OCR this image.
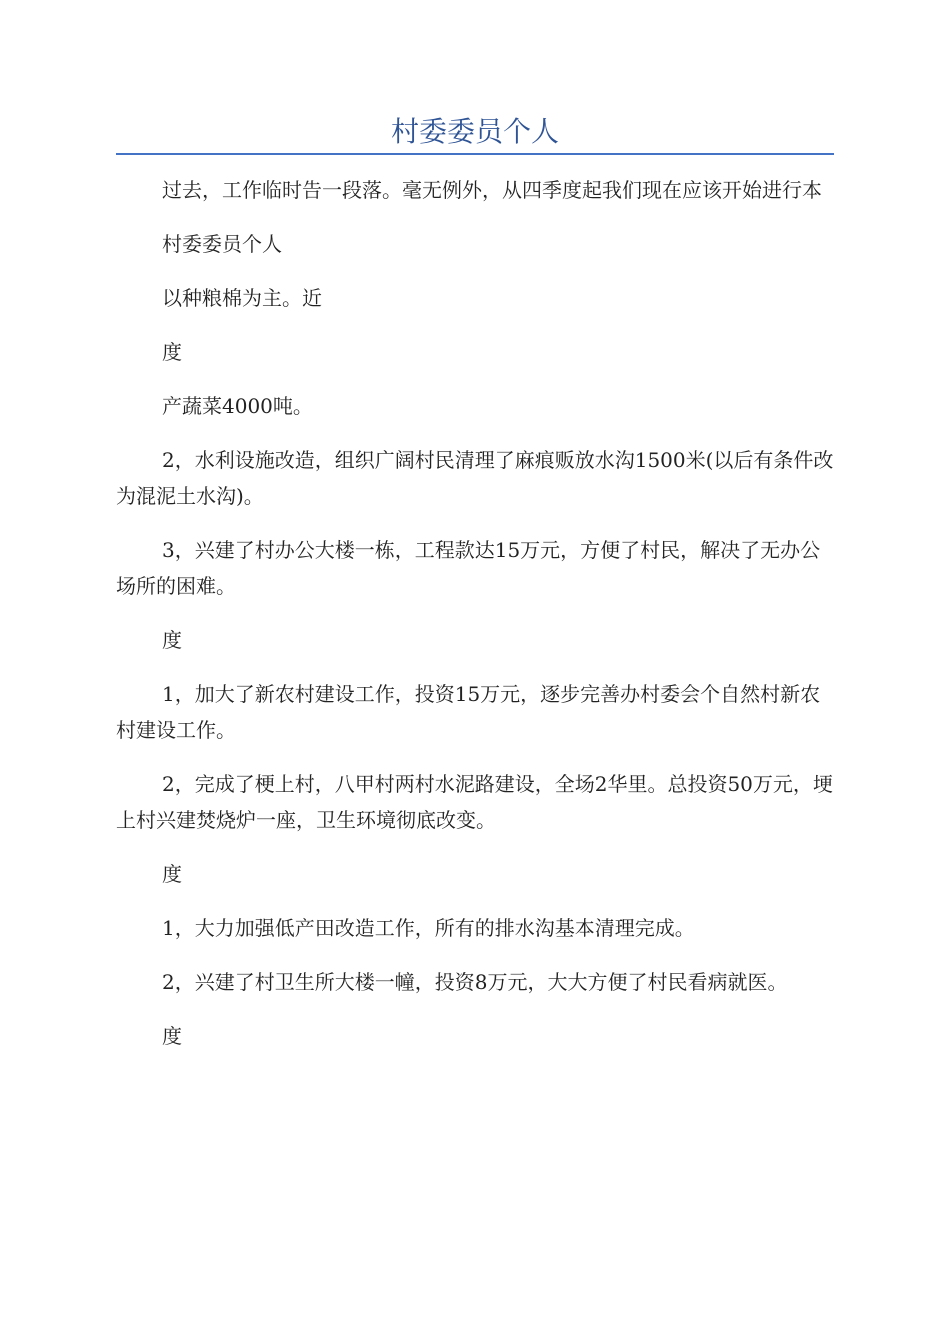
村委委员个人

过去，工作临时告一段落。毫无例外，从四季度起我们现在应该开始进行本

村委委员个人

以种粮棉为主。近

度

产蔬菜4000吨。

2，水利设施改造，组织广阔村民清理了麻痕贩放水沟1500米(以后有条件改为混泥土水沟)。

3，兴建了村办公大楼一栋，工程款达15万元，方便了村民，解决了无办公场所的困难。

度

1，加大了新农村建设工作，投资15万元，逐步完善办村委会个自然村新农村建设工作。

2，完成了梗上村，八甲村两村水泥路建设，全场2华里。总投资50万元，埂上村兴建焚烧炉一座，卫生环境彻底改变。

度

1，大力加强低产田改造工作，所有的排水沟基本清理完成。

2，兴建了村卫生所大楼一幢，投资8万元，大大方便了村民看病就医。

度
